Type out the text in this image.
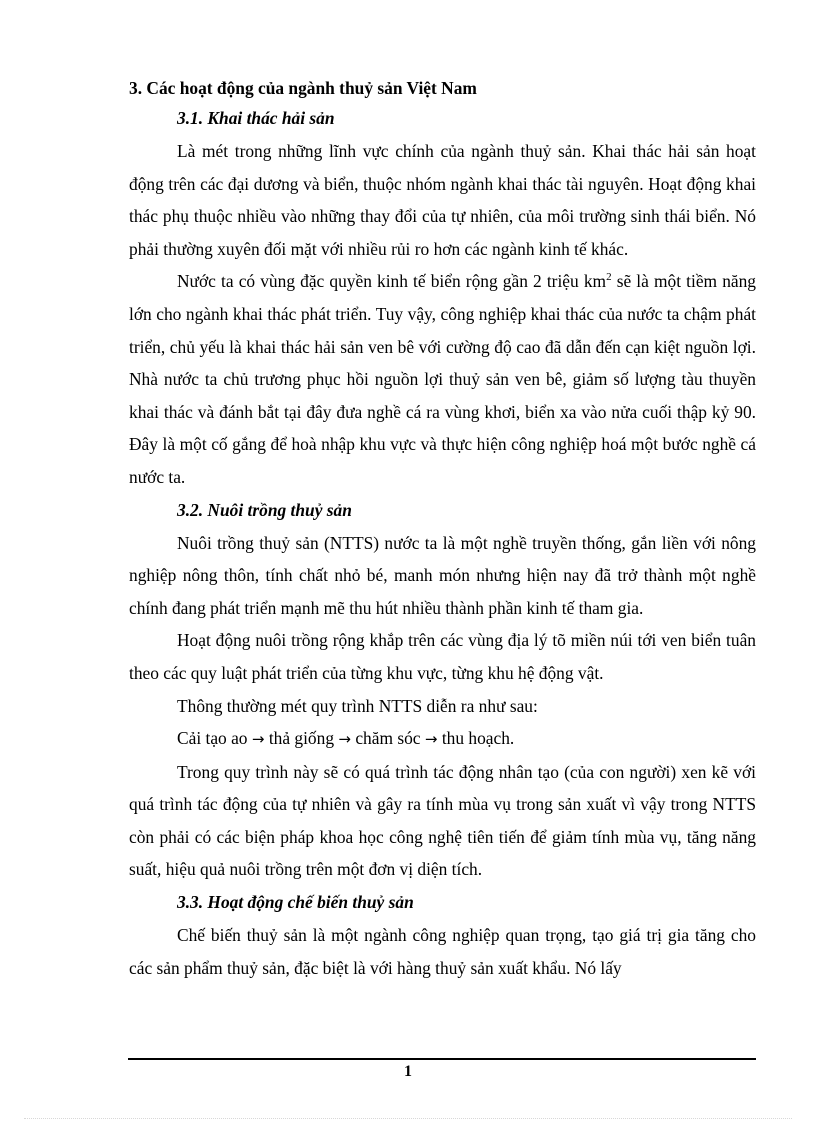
3. Các hoạt động của ngành thuỷ sản Việt Nam
3.1. Khai thác hải sản

Là mét trong những lĩnh vực chính của ngành thuỷ sản. Khai thác hải sản hoạt động trên các đại dương và biển, thuộc nhóm ngành khai thác tài nguyên. Hoạt động khai thác phụ thuộc nhiều vào những thay đổi của tự nhiên, của môi trường sinh thái biển. Nó phải thường xuyên đối mặt với nhiều rủi ro hơn các ngành kinh tế khác.

Nước ta có vùng đặc quyền kinh tế biển rộng gần 2 triệu $km^2$ sẽ là một tiềm năng lớn cho ngành khai thác phát triển. Tuy vậy, công nghiệp khai thác của nước ta chậm phát triển, chủ yếu là khai thác hải sản ven bê với cường độ cao đã dẫn đến cạn kiệt nguồn lợi. Nhà nước ta chủ trương phục hồi nguồn lợi thuỷ sản ven bê, giảm số lượng tàu thuyền khai thác và đánh bắt tại đây đưa nghề cá ra vùng khơi, biển xa vào nửa cuối thập kỷ 90. Đây là một cố gắng để hoà nhập khu vực và thực hiện công nghiệp hoá một bước nghề cá nước ta.

3.2. Nuôi trồng thuỷ sản

Nuôi trồng thuỷ sản (NTTS) nước ta là một nghề truyền thống, gắn liền với nông nghiệp nông thôn, tính chất nhỏ bé, manh món nhưng hiện nay đã trở thành một nghề chính đang phát triển mạnh mẽ thu hút nhiều thành phần kinh tế tham gia.

Hoạt động nuôi trồng rộng khắp trên các vùng địa lý tõ miền núi tới ven biển tuân theo các quy luật phát triển của từng khu vực, từng khu hệ động vật.

Thông thường mét quy trình NTTS diễn ra như sau:

Cải tạo ao → thả giống → chăm sóc → thu hoạch.

Trong quy trình này sẽ có quá trình tác động nhân tạo (của con người) xen kẽ với quá trình tác động của tự nhiên và gây ra tính mùa vụ trong sản xuất vì vậy trong NTTS còn phải có các biện pháp khoa học công nghệ tiên tiến để giảm tính mùa vụ, tăng năng suất, hiệu quả nuôi trồng trên một đơn vị diện tích.

3.3. Hoạt động chế biến thuỷ sản

Chế biến thuỷ sản là một ngành công nghiệp quan trọng, tạo giá trị gia tăng cho các sản phẩm thuỷ sản, đặc biệt là với hàng thuỷ sản xuất khẩu. Nó lấy

1
